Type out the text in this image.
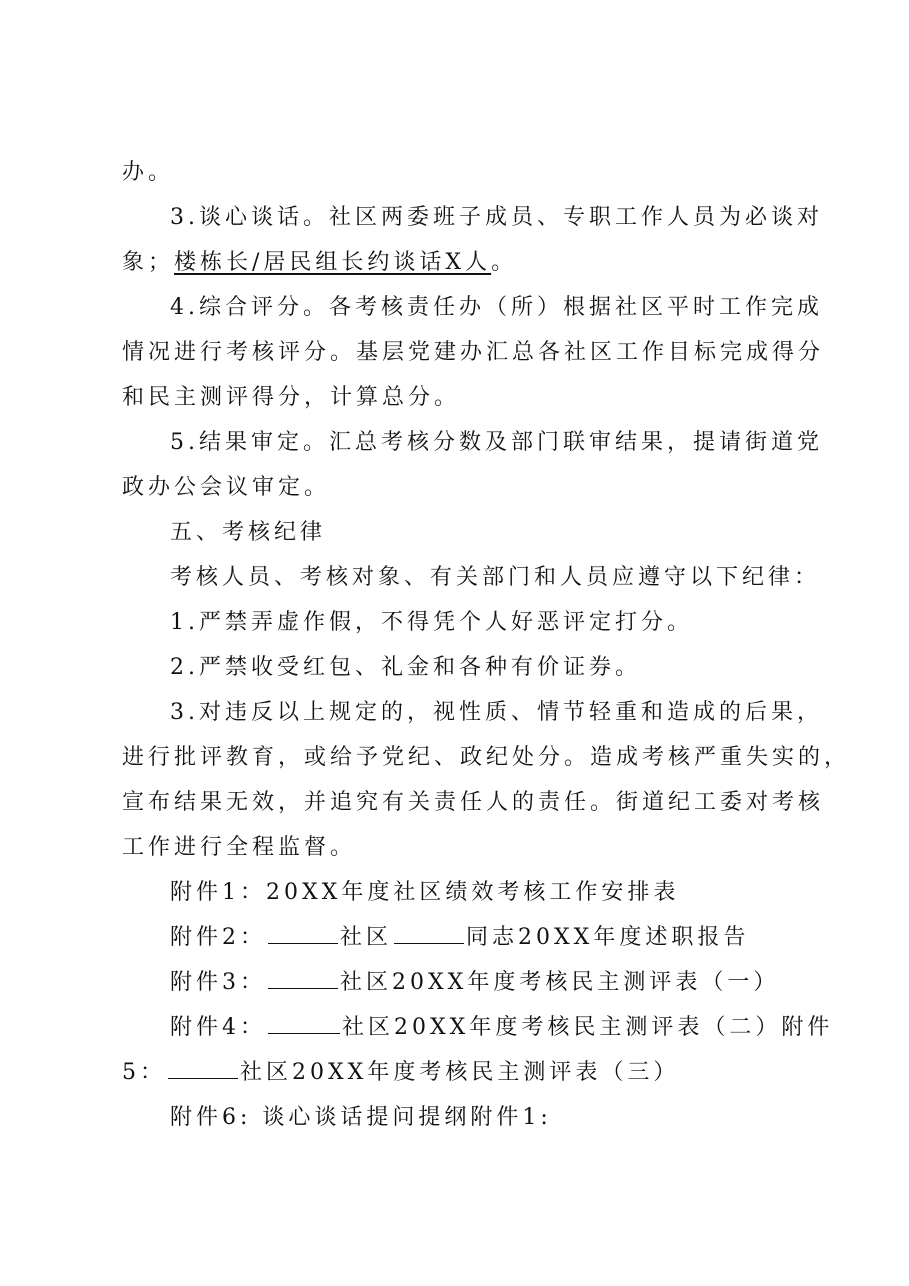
办。
3.谈心谈话。社区两委班子成员、专职工作人员为必谈对
象；楼栋长/居民组长约谈话X人。
4.综合评分。各考核责任办（所）根据社区平时工作完成
情况进行考核评分。基层党建办汇总各社区工作目标完成得分
和民主测评得分，计算总分。
5.结果审定。汇总考核分数及部门联审结果，提请街道党
政办公会议审定。
五、考核纪律
考核人员、考核对象、有关部门和人员应遵守以下纪律：
1.严禁弄虚作假，不得凭个人好恶评定打分。
2.严禁收受红包、礼金和各种有价证券。
3.对违反以上规定的，视性质、情节轻重和造成的后果，
进行批评教育，或给予党纪、政纪处分。造成考核严重失实的，
宣布结果无效，并追究有关责任人的责任。街道纪工委对考核
工作进行全程监督。
附件1：20XX年度社区绩效考核工作安排表
附件2：	社区	同志20XX年度述职报告
附件3：	社区20XX年度考核民主测评表（一）
附件4：	社区20XX年度考核民主测评表（二）附件
5：	社区20XX年度考核民主测评表（三）
附件6: 谈心谈话提问提纲附件1:
